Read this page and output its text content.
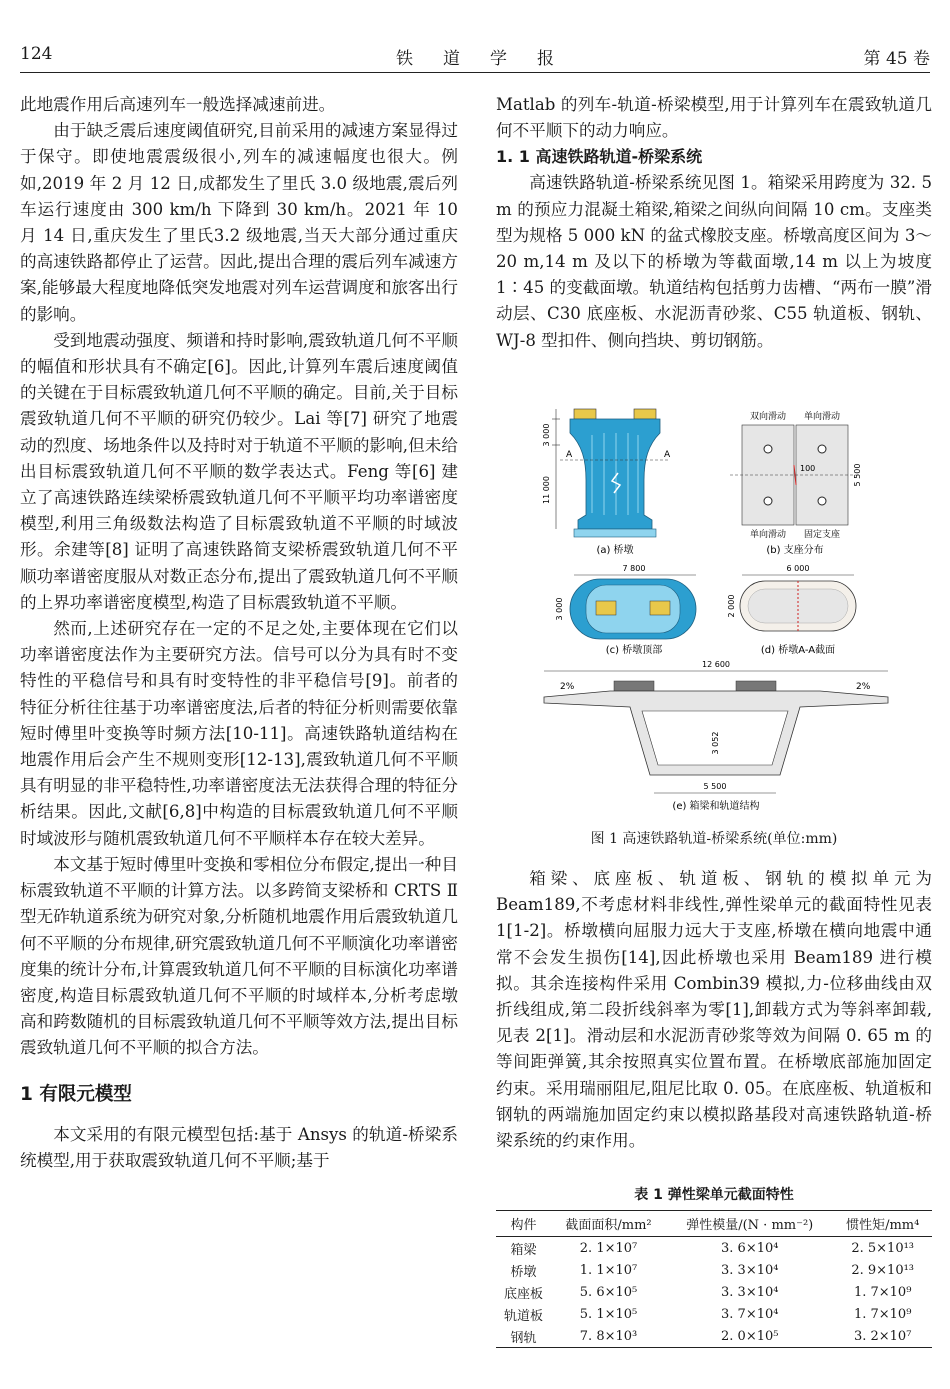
124	铁道学报	第 45 卷

此地震作用后高速列车一般选择减速前进。

由于缺乏震后速度阈值研究,目前采用的减速方案显得过于保守。即使地震震级很小,列车的减速幅度也很大。例如,2019 年 2 月 12 日,成都发生了里氏 3.0 级地震,震后列车运行速度由 300 km/h 下降到 30 km/h。2021 年 10 月 14 日,重庆发生了里氏3.2 级地震,当天大部分通过重庆的高速铁路都停止了运营。因此,提出合理的震后列车减速方案,能够最大程度地降低突发地震对列车运营调度和旅客出行的影响。

受到地震动强度、频谱和持时影响,震致轨道几何不平顺的幅值和形状具有不确定[6]。因此,计算列车震后速度阈值的关键在于目标震致轨道几何不平顺的确定。目前,关于目标震致轨道几何不平顺的研究仍较少。Lai 等[7] 研究了地震动的烈度、场地条件以及持时对于轨道不平顺的影响,但未给出目标震致轨道几何不平顺的数学表达式。Feng 等[6] 建立了高速铁路连续梁桥震致轨道几何不平顺平均功率谱密度模型,利用三角级数法构造了目标震致轨道不平顺的时域波形。余建等[8] 证明了高速铁路简支梁桥震致轨道几何不平顺功率谱密度服从对数正态分布,提出了震致轨道几何不平顺的上界功率谱密度模型,构造了目标震致轨道不平顺。

然而,上述研究存在一定的不足之处,主要体现在它们以功率谱密度法作为主要研究方法。信号可以分为具有时不变特性的平稳信号和具有时变特性的非平稳信号[9]。前者的特征分析往往基于功率谱密度法,后者的特征分析则需要依靠短时傅里叶变换等时频方法[10-11]。高速铁路轨道结构在地震作用后会产生不规则变形[12-13],震致轨道几何不平顺具有明显的非平稳特性,功率谱密度法无法获得合理的特征分析结果。因此,文献[6,8]中构造的目标震致轨道几何不平顺时域波形与随机震致轨道几何不平顺样本存在较大差异。

本文基于短时傅里叶变换和零相位分布假定,提出一种目标震致轨道不平顺的计算方法。以多跨简支梁桥和 CRTS Ⅱ型无砟轨道系统为研究对象,分析随机地震作用后震致轨道几何不平顺的分布规律,研究震致轨道几何不平顺演化功率谱密度集的统计分布,计算震致轨道几何不平顺的目标演化功率谱密度,构造目标震致轨道几何不平顺的时域样本,分析考虑墩高和跨数随机的目标震致轨道几何不平顺等效方法,提出目标震致轨道几何不平顺的拟合方法。

1 有限元模型

本文采用的有限元模型包括:基于 Ansys 的轨道-桥梁系统模型,用于获取震致轨道几何不平顺;基于

Matlab 的列车-轨道-桥梁模型,用于计算列车在震致轨道几何不平顺下的动力响应。

1. 1 高速铁路轨道-桥梁系统

高速铁路轨道-桥梁系统见图 1。箱梁采用跨度为 32. 5 m 的预应力混凝土箱梁,箱梁之间纵向间隔 10 cm。支座类型为规格 5 000 kN 的盆式橡胶支座。桥墩高度区间为 3～20 m,14 m 及以下的桥墩为等截面墩,14 m 以上为坡度 1∶45 的变截面墩。轨道结构包括剪力齿槽、“两布一膜”滑动层、C30 底座板、水泥沥青砂浆、C55 轨道板、钢轨、WJ-8 型扣件、侧向挡块、剪切钢筋。

3 000
11 000
A	A
(a) 桥墩
双向滑动 单向滑动
100	5 500
单向滑动 固定支座
(b) 支座分布
7 800
3 000
(c) 桥墩顶部
6 000
2 000
(d) 桥墩A-A截面
12 600
2%	2%
3 052
5 500
(e) 箱梁和轨道结构
图 1 高速铁路轨道-桥梁系统(单位:mm)

箱梁、底座板、轨道板、钢轨的模拟单元为 Beam189,不考虑材料非线性,弹性梁单元的截面特性见表 1[1-2]。桥墩横向屈服力远大于支座,桥墩在横向地震中通常不会发生损伤[14],因此桥墩也采用 Beam189 进行模拟。其余连接构件采用 Combin39 模拟,力-位移曲线由双折线组成,第二段折线斜率为零[1],卸载方式为等斜率卸载,见表 2[1]。滑动层和水泥沥青砂浆等效为间隔 0. 65 m 的等间距弹簧,其余按照真实位置布置。在桥墩底部施加固定约束。采用瑞丽阻尼,阻尼比取 0. 05。在底座板、轨道板和钢轨的两端施加固定约束以模拟路基段对高速铁路轨道-桥梁系统的约束作用。

表 1 弹性梁单元截面特性
构件	截面面积/mm²	弹性模量/(N · mm⁻²)	惯性矩/mm⁴
箱梁	2. 1×10⁷	3. 6×10⁴	2. 5×10¹³
桥墩	1. 1×10⁷	3. 3×10⁴	2. 9×10¹³
底座板	5. 6×10⁵	3. 3×10⁴	1. 7×10⁹
轨道板	5. 1×10⁵	3. 7×10⁴	1. 7×10⁹
钢轨	7. 8×10³	2. 0×10⁵	3. 2×10⁷
